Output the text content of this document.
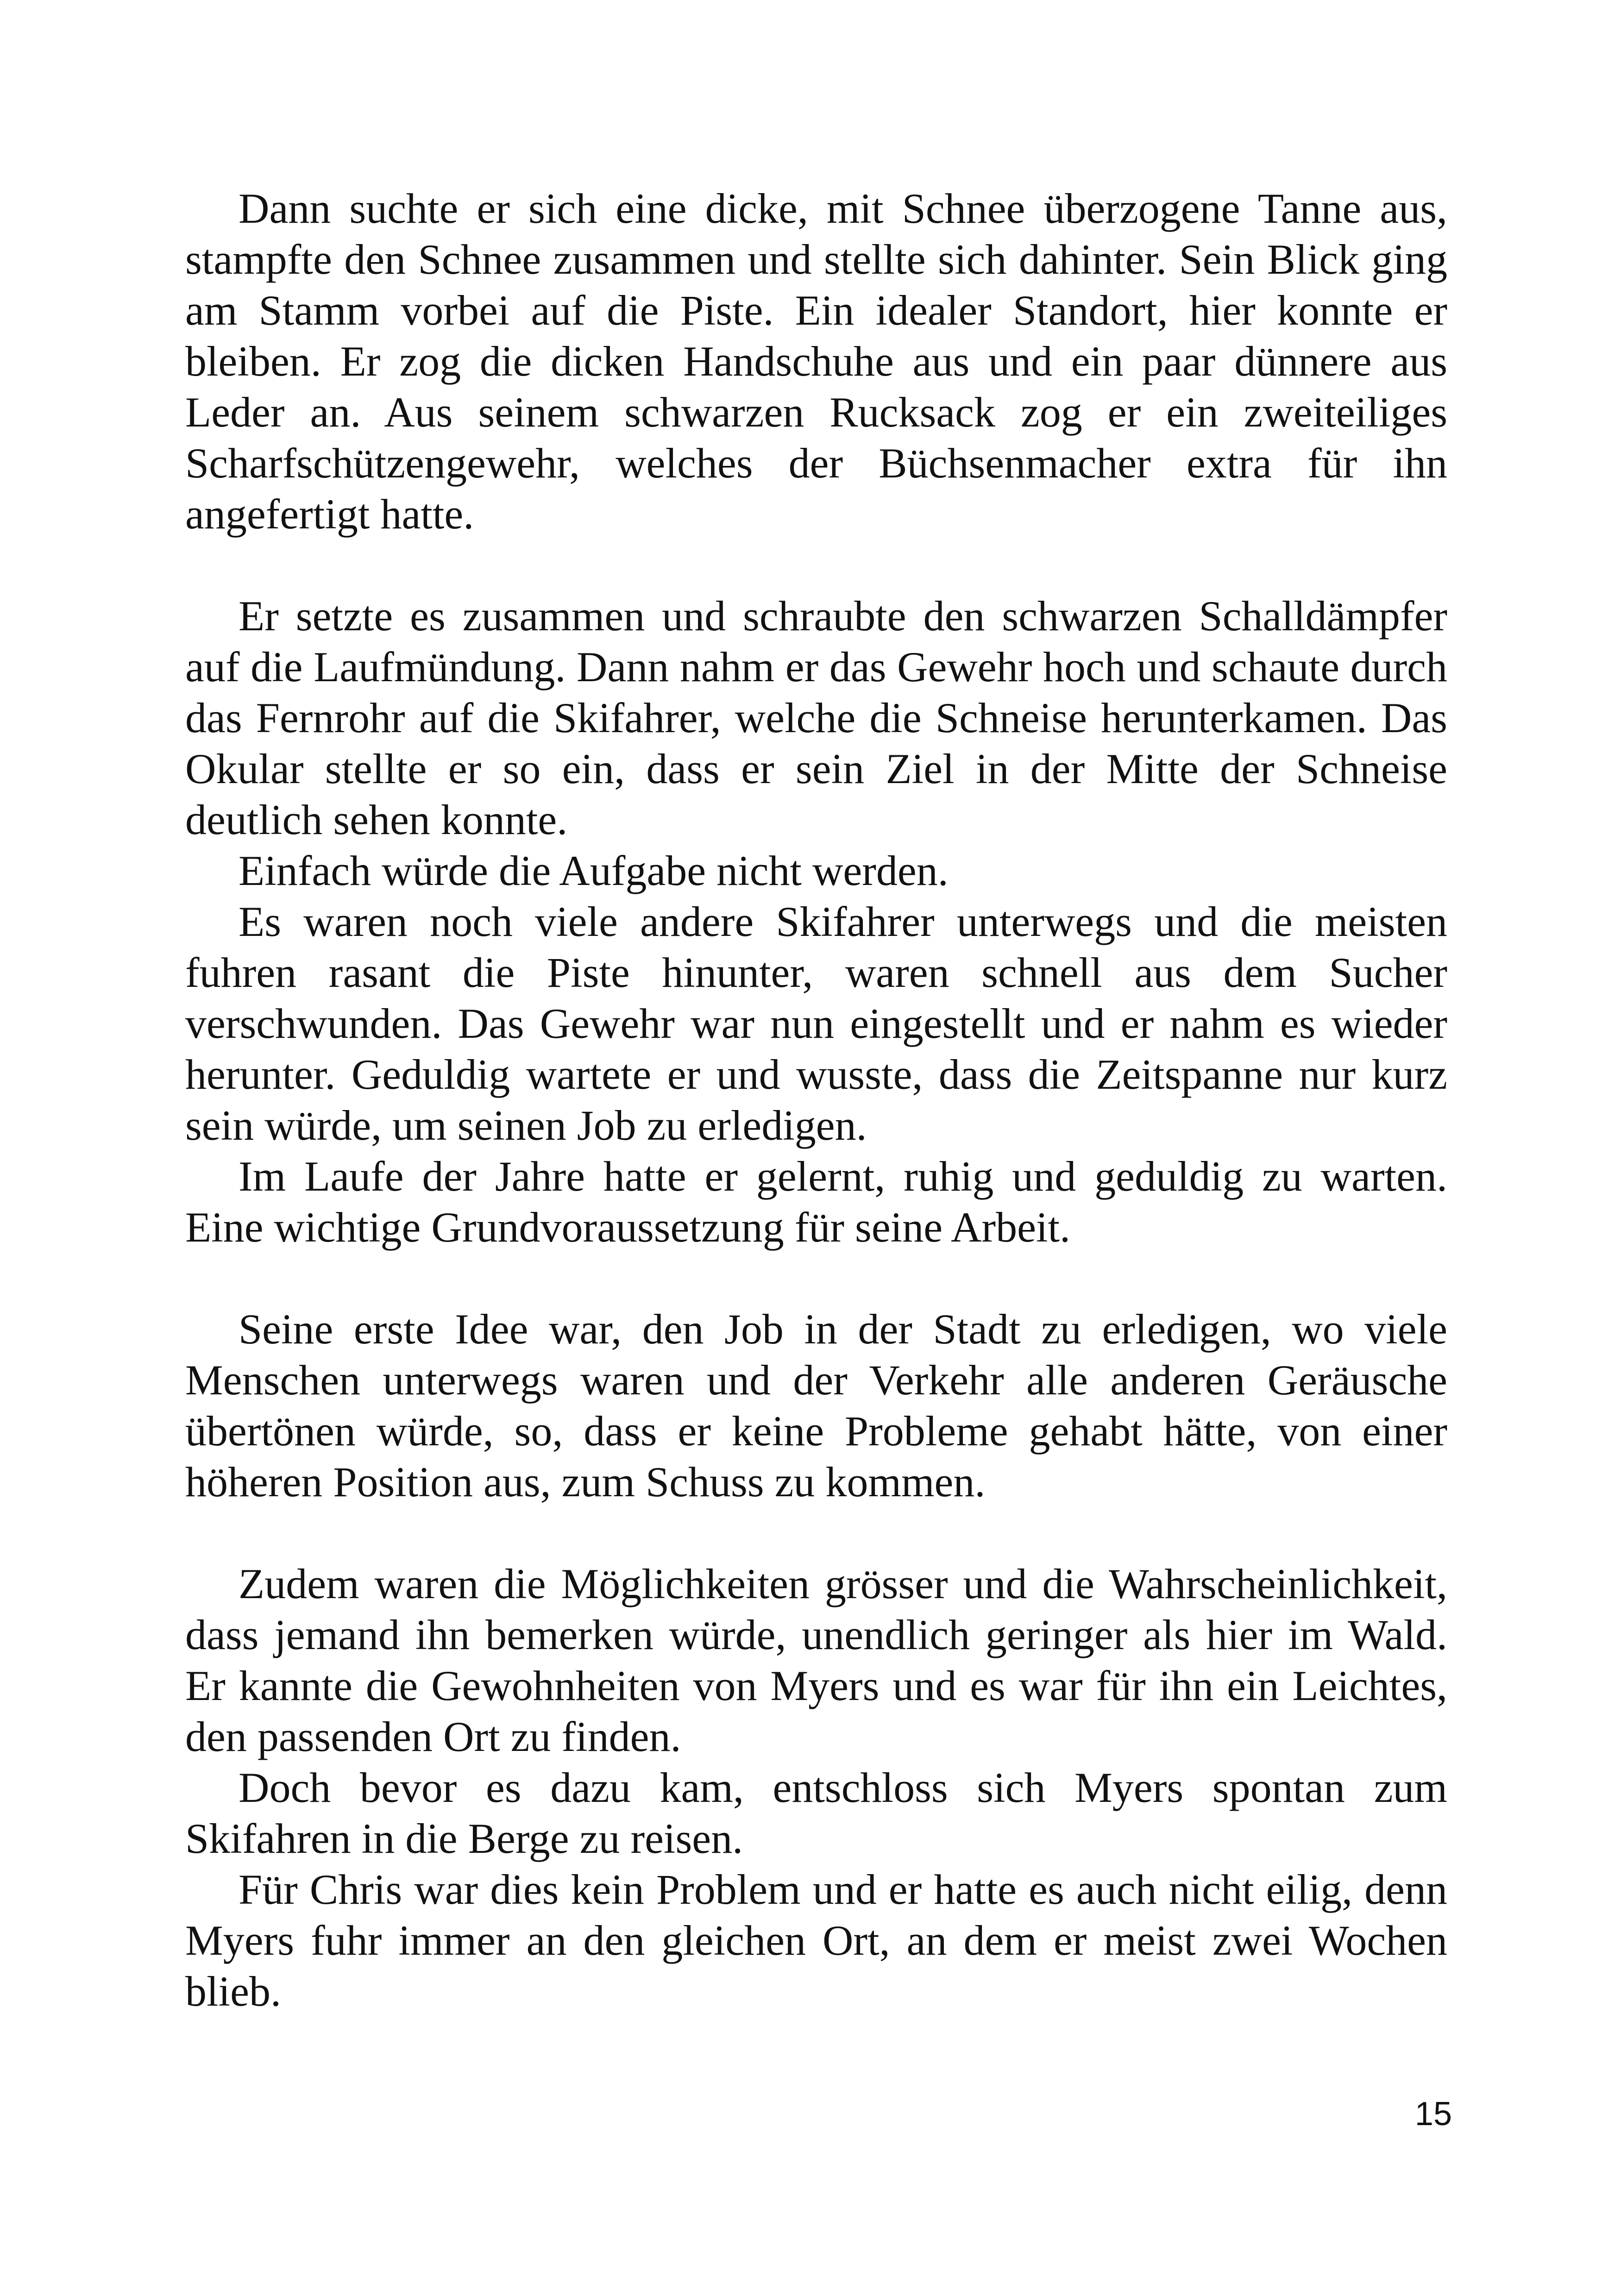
Dann suchte er sich eine dicke, mit Schnee überzogene Tanne aus, stampfte den Schnee zusammen und stellte sich dahinter. Sein Blick ging am Stamm vorbei auf die Piste. Ein idealer Standort, hier konnte er bleiben. Er zog die dicken Handschuhe aus und ein paar dünnere aus Leder an. Aus seinem schwarzen Rucksack zog er ein zweiteiliges Scharfschützengewehr, welches der Büchsenmacher extra für ihn angefertigt hatte.

Er setzte es zusammen und schraubte den schwarzen Schalldämpfer auf die Laufmündung. Dann nahm er das Gewehr hoch und schaute durch das Fernrohr auf die Skifahrer, welche die Schneise herunterkamen. Das Okular stellte er so ein, dass er sein Ziel in der Mitte der Schneise deutlich sehen konnte.

Einfach würde die Aufgabe nicht werden.

Es waren noch viele andere Skifahrer unterwegs und die meisten fuhren rasant die Piste hinunter, waren schnell aus dem Sucher verschwunden. Das Gewehr war nun eingestellt und er nahm es wieder herunter. Geduldig wartete er und wusste, dass die Zeitspanne nur kurz sein würde, um seinen Job zu erledigen.

Im Laufe der Jahre hatte er gelernt, ruhig und geduldig zu warten. Eine wichtige Grundvoraussetzung für seine Arbeit.

Seine erste Idee war, den Job in der Stadt zu erledigen, wo viele Menschen unterwegs waren und der Verkehr alle anderen Geräusche übertönen würde, so, dass er keine Probleme gehabt hätte, von einer höheren Position aus, zum Schuss zu kommen.

Zudem waren die Möglichkeiten grösser und die Wahrscheinlichkeit, dass jemand ihn bemerken würde, unendlich geringer als hier im Wald. Er kannte die Gewohnheiten von Myers und es war für ihn ein Leichtes, den passenden Ort zu finden.

Doch bevor es dazu kam, entschloss sich Myers spontan zum Skifahren in die Berge zu reisen.

Für Chris war dies kein Problem und er hatte es auch nicht eilig, denn Myers fuhr immer an den gleichen Ort, an dem er meist zwei Wochen blieb.

15
